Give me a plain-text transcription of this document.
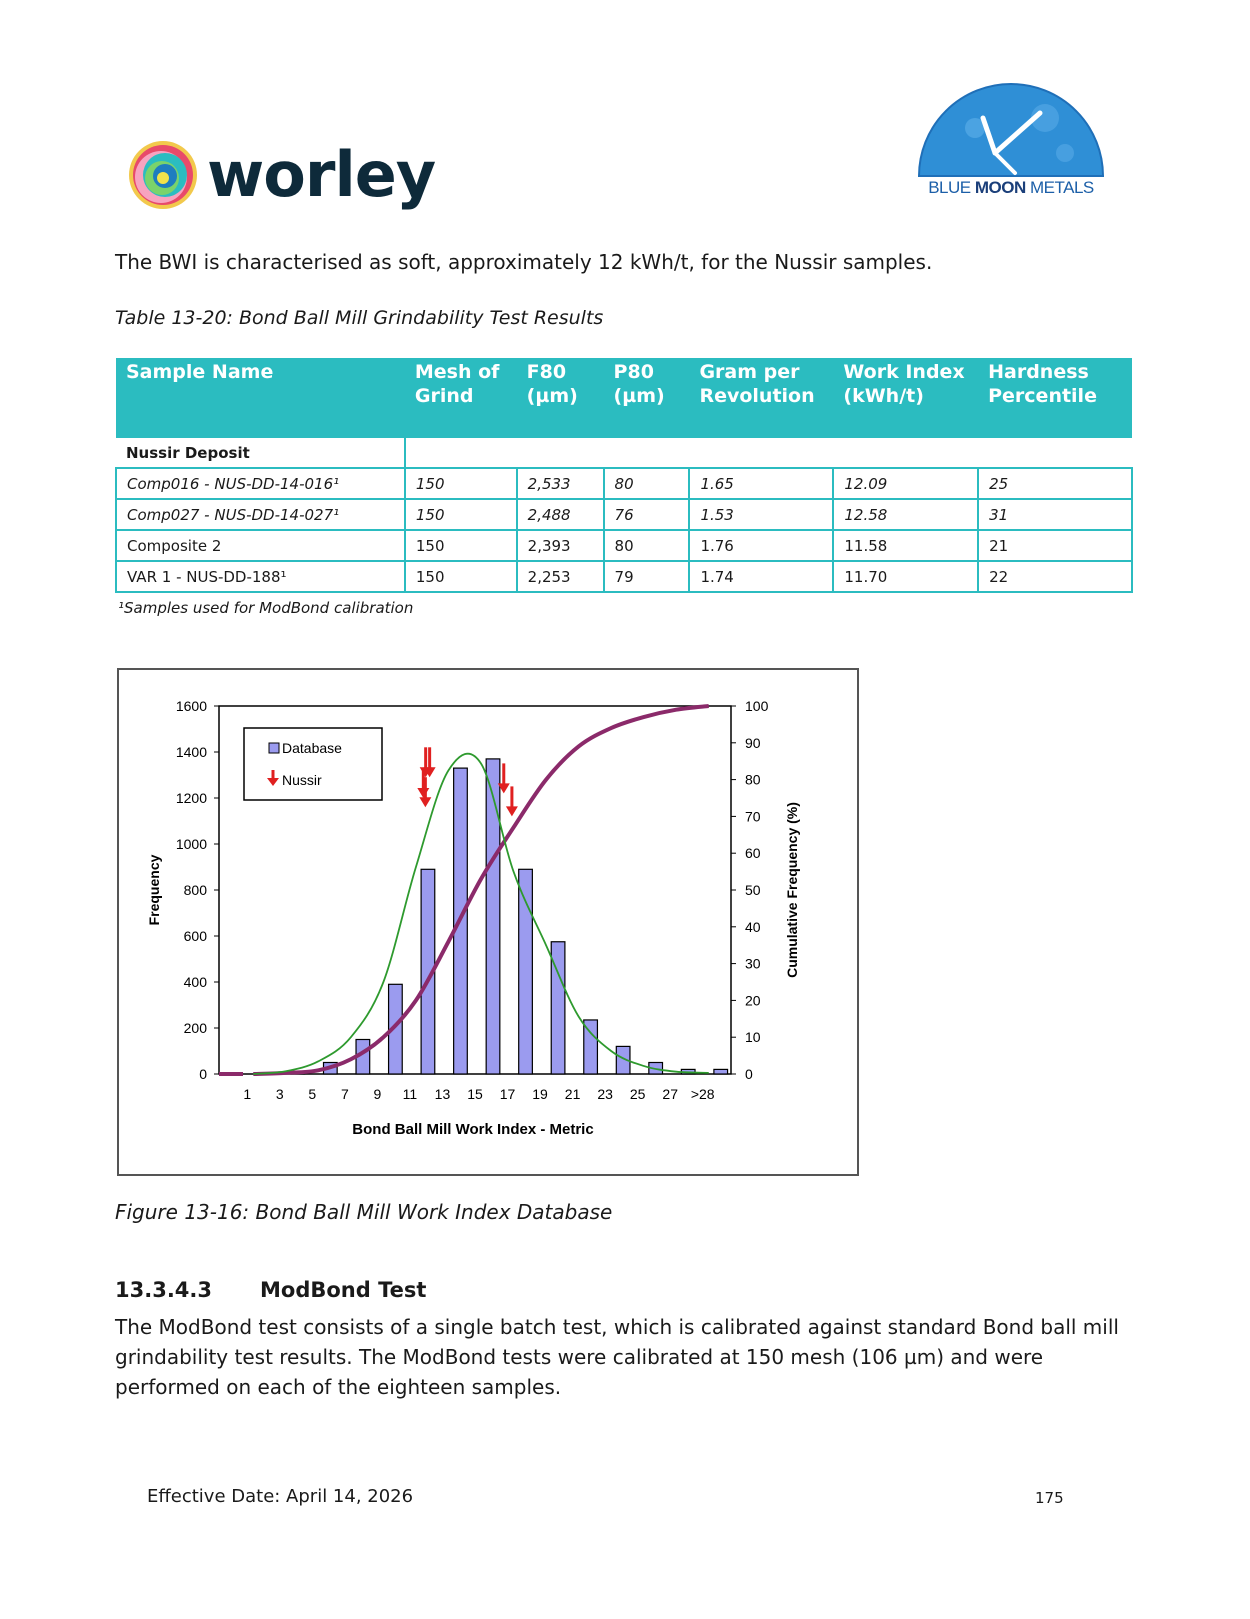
worley	BLUE MOON METALS
The BWI is characterised as soft, approximately 12 kWh/t, for the Nussir samples.
Table 13-20: Bond Ball Mill Grindability Test Results
Sample Name	Mesh of Grind	F80 (µm)	P80 (µm)	Gram per Revolution	Work Index (kWh/t)	Hardness Percentile
Nussir Deposit						
Comp016 - NUS-DD-14-016¹	150	2,533	80	1.65	12.09	25
Comp027 - NUS-DD-14-027¹	150	2,488	76	1.53	12.58	31
Composite 2	150	2,393	80	1.76	11.58	21
VAR 1 - NUS-DD-188¹	150	2,253	79	1.74	11.70	22
¹Samples used for ModBond calibration
0
200
400
600
800
1000
1200
1400
1600
0
10
20
30
40
50
60
70
80
90
100
1 3 5 7 9 11 13 15 17 19 21 23 25 27 >28
Database
Nussir
Bond Ball Mill Work Index - Metric
Frequency	Cumulative Frequency (%)
Figure 13-16: Bond Ball Mill Work Index Database
13.3.4.3 ModBond Test
The ModBond test consists of a single batch test, which is calibrated against standard Bond ball mill grindability test results. The ModBond tests were calibrated at 150 mesh (106 µm) and were performed on each of the eighteen samples.
Effective Date: April 14, 2026	175
